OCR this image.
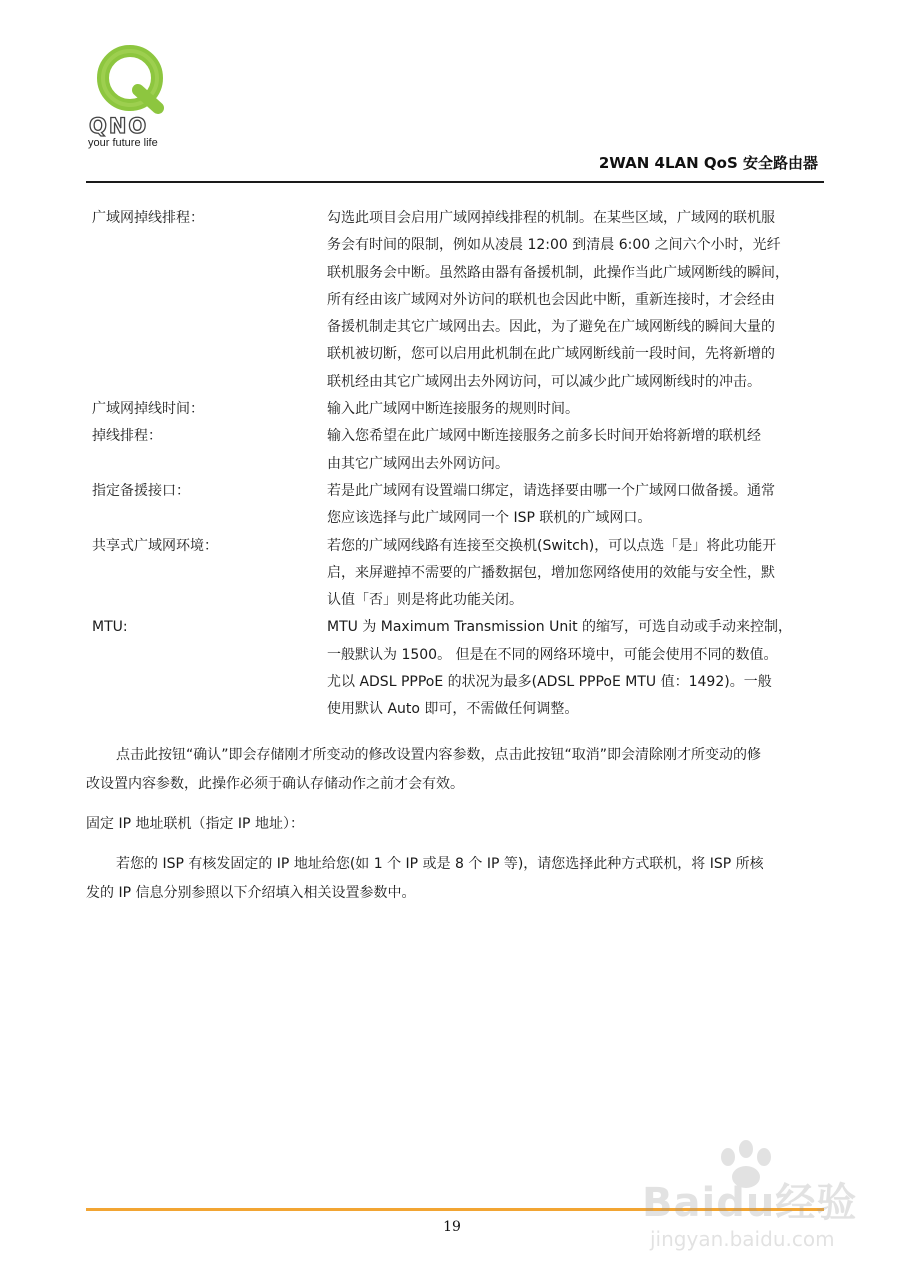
QNO
your future life
2WAN 4LAN QoS 安全路由器
广域网掉线排程：	勾选此项目会启用广域网掉线排程的机制。在某些区域，广域网的联机服

务会有时间的限制，例如从凌晨 12:00 到清晨 6:00 之间六个小时，光纤

联机服务会中断。虽然路由器有备援机制，此操作当此广域网断线的瞬间，

所有经由该广域网对外访问的联机也会因此中断，重新连接时，才会经由

备援机制走其它广域网出去。因此，为了避免在广域网断线的瞬间大量的

联机被切断，您可以启用此机制在此广域网断线前一段时间，先将新增的

联机经由其它广域网出去外网访问，可以减少此广域网断线时的冲击。

广域网掉线时间：	输入此广域网中断连接服务的规则时间。

掉线排程：	输入您希望在此广域网中断连接服务之前多长时间开始将新增的联机经

由其它广域网出去外网访问。

指定备援接口：	若是此广域网有设置端口绑定，请选择要由哪一个广域网口做备援。通常

您应该选择与此广域网同一个 ISP 联机的广域网口。

共享式广域网环境：	若您的广域网线路有连接至交换机(Switch)，可以点选「是」将此功能开

启，来屏避掉不需要的广播数据包，增加您网络使用的效能与安全性，默

认值「否」则是将此功能关闭。

MTU:	MTU 为 Maximum Transmission Unit 的缩写，可选自动或手动来控制，

一般默认为 1500。 但是在不同的网络环境中，可能会使用不同的数值。

尤以 ADSL PPPoE 的状况为最多(ADSL PPPoE MTU 值：1492)。一般

使用默认 Auto 即可，不需做任何调整。

点击此按钮“确认”即会存储刚才所变动的修改设置内容参数，点击此按钮“取消”即会清除刚才所变动的修

改设置内容参数，此操作必须于确认存储动作之前才会有效。

固定 IP 地址联机（指定 IP 地址）：

若您的 ISP 有核发固定的 IP 地址给您(如 1 个 IP 或是 8 个 IP 等)，请您选择此种方式联机，将 ISP 所核

发的 IP 信息分别参照以下介绍填入相关设置参数中。

19
Baidu经验
jingyan.baidu.com
